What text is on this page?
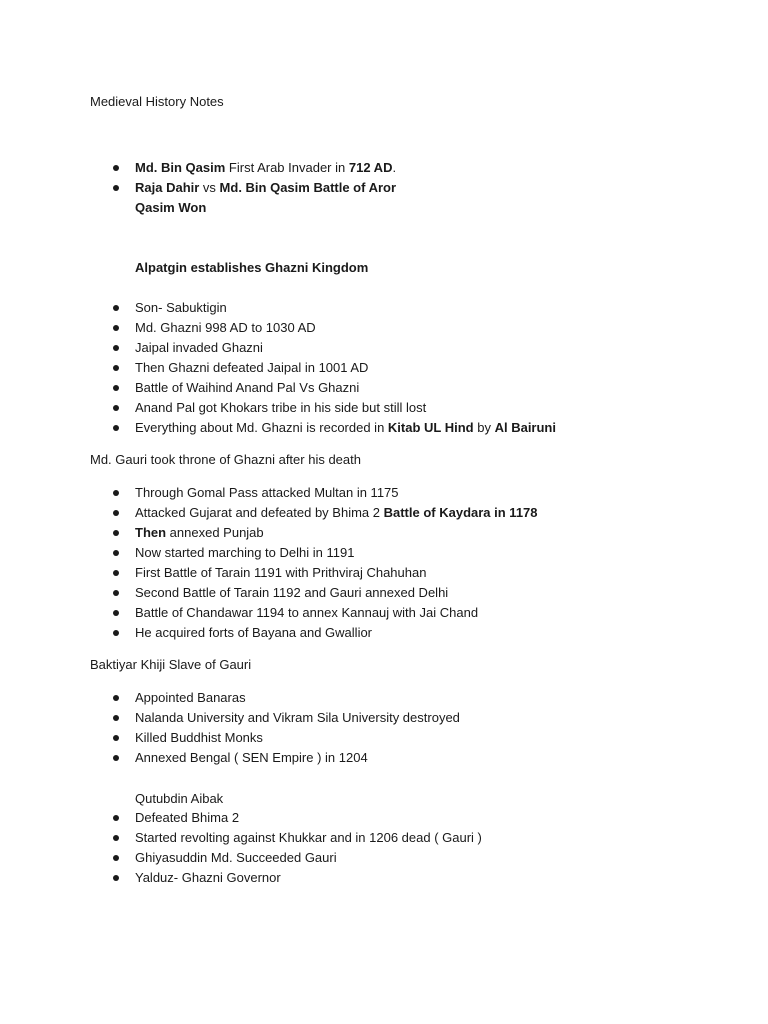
Medieval History Notes
Md. Bin Qasim First Arab Invader in 712 AD.
Raja Dahir vs Md. Bin Qasim Battle of Aror
Qasim Won
Alpatgin establishes Ghazni Kingdom
Son- Sabuktigin
Md. Ghazni 998 AD to 1030 AD
Jaipal invaded Ghazni
Then Ghazni defeated Jaipal in 1001 AD
Battle of Waihind Anand Pal Vs Ghazni
Anand Pal got Khokars tribe in his side but still lost
Everything about Md. Ghazni is recorded in Kitab UL Hind by Al Bairuni
Md. Gauri took throne of Ghazni after his death
Through Gomal Pass attacked Multan in 1175
Attacked Gujarat and defeated by Bhima 2 Battle of Kaydara in 1178
Then annexed Punjab
Now started marching to Delhi in 1191
First Battle of Tarain 1191 with Prithviraj Chahuhan
Second Battle of Tarain 1192 and Gauri annexed Delhi
Battle of Chandawar 1194 to annex Kannauj with Jai Chand
He acquired forts of Bayana and Gwallior
Baktiyar Khiji Slave of Gauri
Appointed Banaras
Nalanda University and Vikram Sila University destroyed
Killed Buddhist Monks
Annexed Bengal ( SEN Empire ) in 1204
Qutubdin Aibak
Defeated Bhima 2
Started revolting against Khukkar and in 1206 dead ( Gauri )
Ghiyasuddin Md. Succeeded Gauri
Yalduz- Ghazni Governor
